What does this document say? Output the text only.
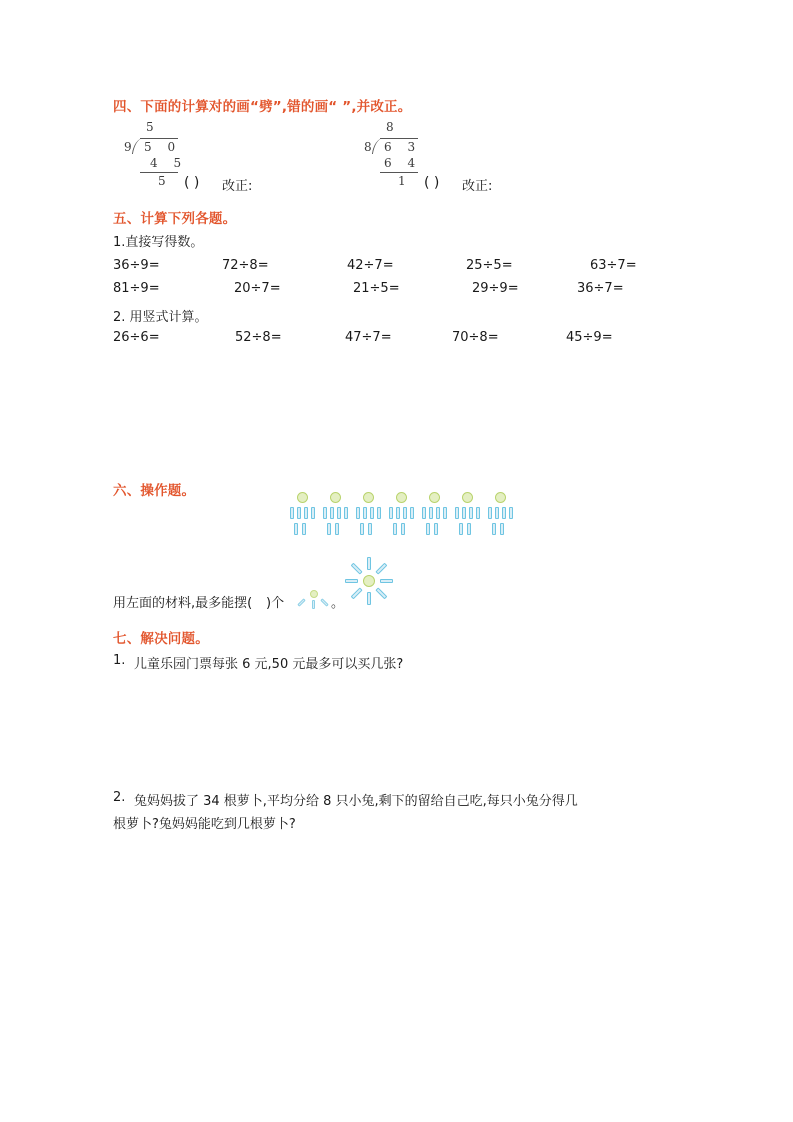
四、下面的计算对的画“劈”,错的画“ ”,并改正。
5
9 5 0
4 5
5 ( ) 改正:
8
8 6 3
6 4
1 ( ) 改正:
五、计算下列各题。
1.直接写得数。
36÷9=	72÷8=	42÷7=	25÷5=	63÷7=
81÷9=	20÷7=	21÷5=	29÷9=	36÷7=
2. 用竖式计算。
26÷6=	52÷8=	47÷7=	70÷8=	45÷9=
六、操作题。
用左面的材料,最多能摆(
)个	。
七、解决问题。
1. 儿童乐园门票每张 6 元,50 元最多可以买几张?
2. 兔妈妈拔了 34 根萝卜,平均分给 8 只小兔,剩下的留给自己吃,每只小兔分得几
根萝卜?兔妈妈能吃到几根萝卜?
